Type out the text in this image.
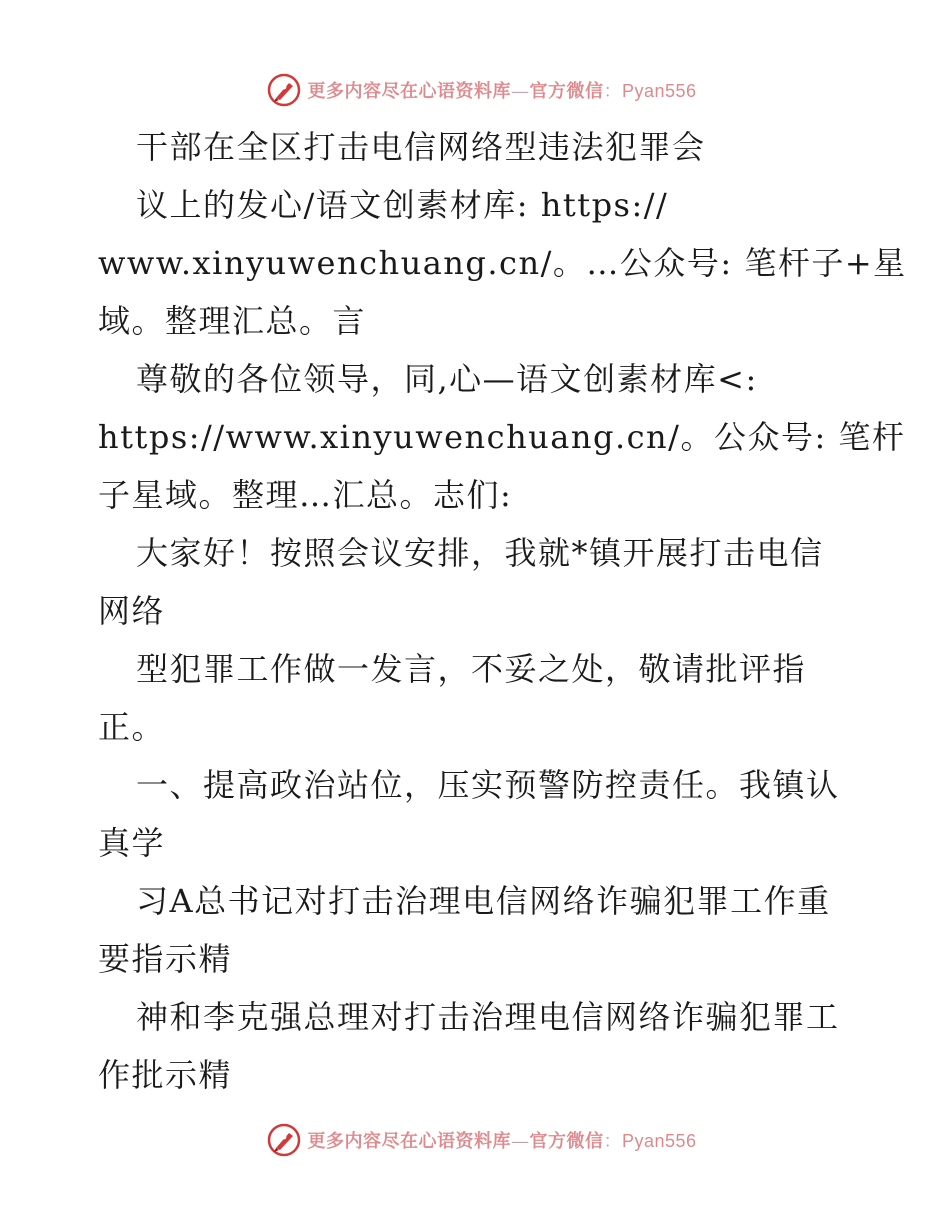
更多内容尽在心语资料库—官方微信：Pyan556
干部在全区打击电信网络型违法犯罪会
议上的发心/语文创素材库: https://
www.xinyuwenchuang.cn/。…公众号: 笔杆子+星
域。整理汇总。言
尊敬的各位领导，同,心—语文创素材库<:
https://www.xinyuwenchuang.cn/。公众号: 笔杆
子星域。整理…汇总。志们:
大家好！按照会议安排，我就*镇开展打击电信
网络
型犯罪工作做一发言，不妥之处，敬请批评指
正。
一、提高政治站位，压实预警防控责任。我镇认
真学
习A总书记对打击治理电信网络诈骗犯罪工作重
要指示精
神和李克强总理对打击治理电信网络诈骗犯罪工
作批示精
更多内容尽在心语资料库—官方微信：Pyan556
